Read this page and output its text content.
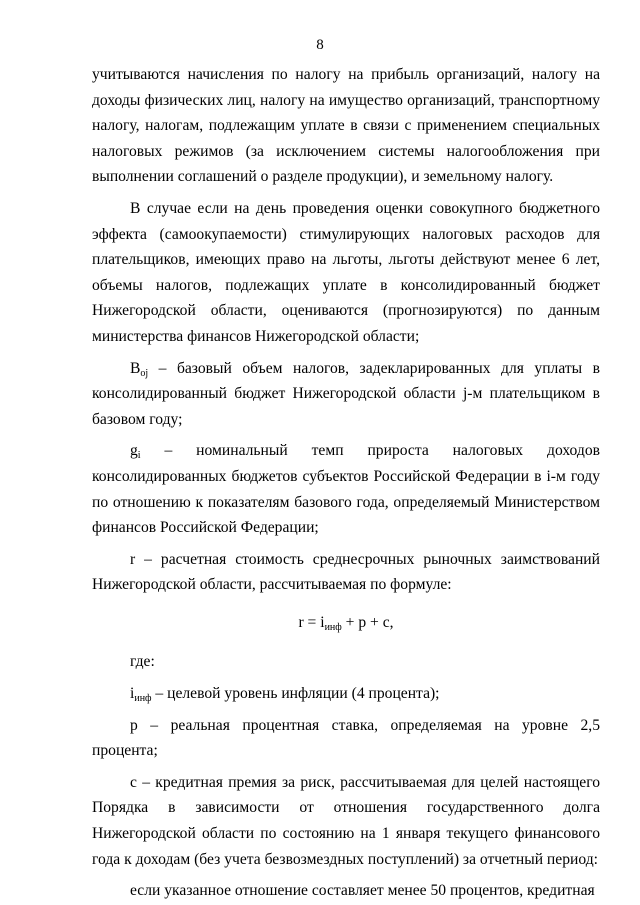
8

учитываются начисления по налогу на прибыль организаций, налогу на доходы физических лиц, налогу на имущество организаций, транспортному налогу, налогам, подлежащим уплате в связи с применением специальных налоговых режимов (за исключением системы налогообложения при выполнении соглашений о разделе продукции), и земельному налогу.

В случае если на день проведения оценки совокупного бюджетного эффекта (самоокупаемости) стимулирующих налоговых расходов для плательщиков, имеющих право на льготы, льготы действуют менее 6 лет, объемы налогов, подлежащих уплате в консолидированный бюджет Нижегородской области, оцениваются (прогнозируются) по данным министерства финансов Нижегородской области;

$B_{oj}$ – базовый объем налогов, задекларированных для уплаты в консолидированный бюджет Нижегородской области j-м плательщиком в базовом году;

$g_i$ – номинальный темп прироста налоговых доходов консолидированных бюджетов субъектов Российской Федерации в i-м году по отношению к показателям базового года, определяемый Министерством финансов Российской Федерации;

r – расчетная стоимость среднесрочных рыночных заимствований Нижегородской области, рассчитываемая по формуле:

$r = i_{инф} + p + c$,

где:

$i_{инф}$ – целевой уровень инфляции (4 процента);

p – реальная процентная ставка, определяемая на уровне 2,5 процента;

c – кредитная премия за риск, рассчитываемая для целей настоящего Порядка в зависимости от отношения государственного долга Нижегородской области по состоянию на 1 января текущего финансового года к доходам (без учета безвозмездных поступлений) за отчетный период:

если указанное отношение составляет менее 50 процентов, кредитная
